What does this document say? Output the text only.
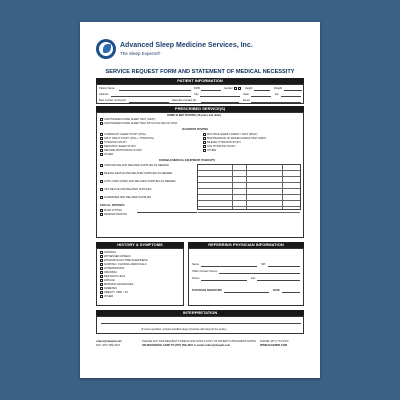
Advanced Sleep Medicine Services, Inc.
The Sleep Experts®
SERVICE REQUEST FORM AND STATEMENT OF MEDICAL NECESSITY
PATIENT INFORMATION
Patient Name	DOB	Gender	Height	Weight
Address	City	State	Zip
Best contact number(s)	Alternate Contact No.	Email
PRESCRIBED SERVICE(S)
HOME SLEEP TESTING (18 years and older)
UNATTENDED HOME SLEEP TEST (HSAT)
UNATTENDED HOME SLEEP TEST WITH FOLLOW-UP CPAP
IN-CENTER TESTING
OVERNIGHT SLEEP STUDY (PSG)
SPLIT NIGHT STUDY (PSG + TITRATION)
TITRATION STUDY
PEDIATRIC SLEEP STUDY
SEIZURE MONITORING STUDY
OTHER
MULTIPLE SLEEP LATENCY TEST (MSLT)
MAINTENANCE OF WAKEFULNESS TEST (MWT)
BILEVEL TITRATION STUDY
ASV TITRATION STUDY
OTHER
DURABLE MEDICAL EQUIPMENT (THERAPY)
CPAP DEVICE AND RELATED SUPPLIES AS NEEDED
BILEVEL DEVICE AND RELATED SUPPLIES AS NEEDED
AUTO-CPAP (APAP) AND RELATED SUPPLIES AS NEEDED
ASV DEVICE AND RELATED SUPPLIES
HUMIDIFIER AND RELATED SUPPLIES
FOR ALL PATIENTS:
MASK FITTING
DESENSITIZATION
HISTORY & SYMPTOMS
SNORING
WITNESSED APNEAS
EXCESSIVE DAYTIME SLEEPINESS
GASPING / CHOKING ARROUSALS
HYPERTENSION
INSOMNIA
RESTLESS LEGS
FATIGUE
MORNING HEADACHES
DIABETES
OBESITY / BMI > 30
OTHER
REFERRING PHYSICIAN INFORMATION
Name	NPI
Office Contact Person
Phone	Fax
PHYSICIAN SIGNATURE	DATE
INTERPRETATION
(If none specified, a board-certified sleep physician will interpret the study.)
orders@sleepdr.com
FAX: (877) 959-4227
PLEASE FAX THIS REQUEST FORM ALONG WITH A COPY OF PATIENT'S PROGRESS NOTES
OR INSURANCE CARD TO (877) 959-4227 or email orders@sleepdr.com
PHONE: (877) 773-3373
WWW.SLEEPDR.COM
